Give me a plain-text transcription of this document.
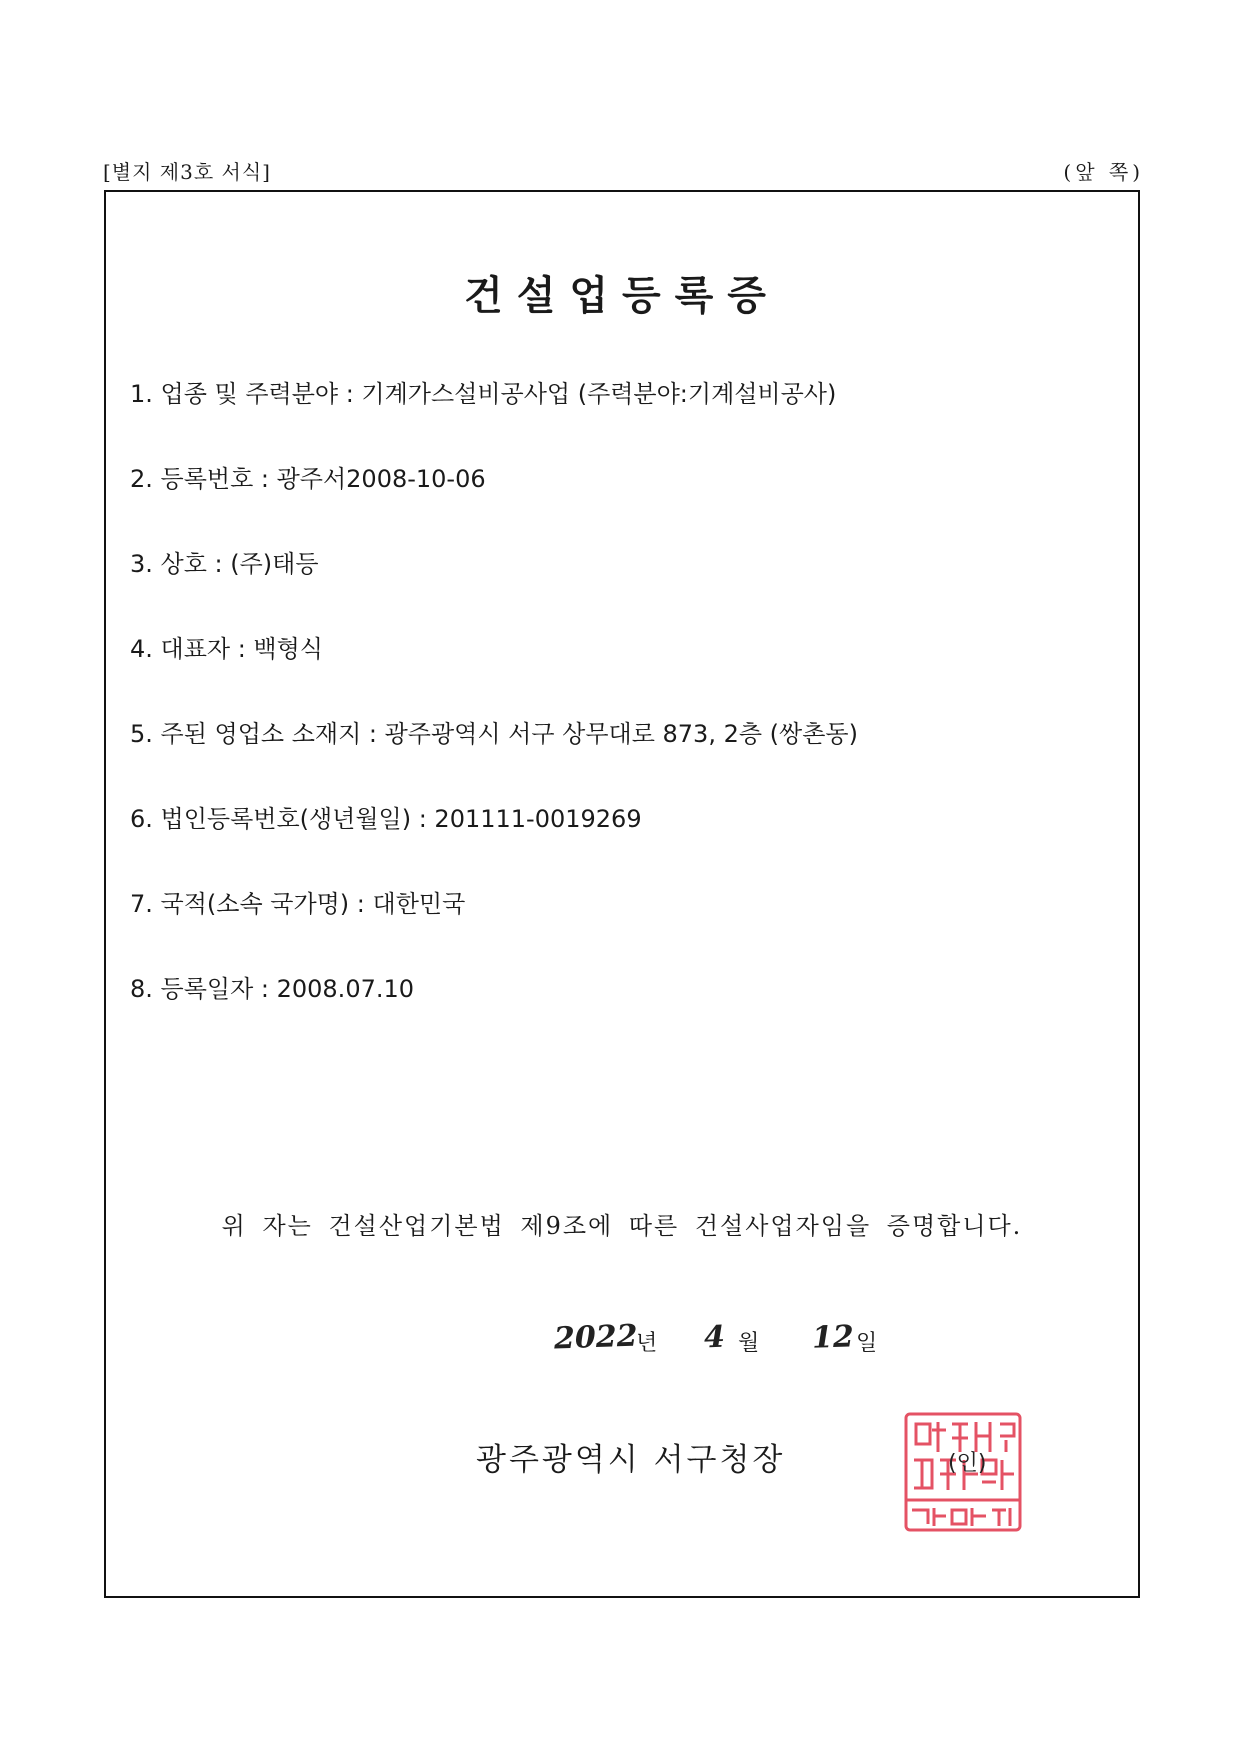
[별지 제3호 서식]	(앞 쪽)
건설업등록증
1. 업종 및 주력분야 : 기계가스설비공사업 (주력분야:기계설비공사)
2. 등록번호 : 광주서2008-10-06
3. 상호 : (주)태등
4. 대표자 : 백형식
5. 주된 영업소 소재지 : 광주광역시 서구 상무대로 873, 2층 (쌍촌동)
6. 법인등록번호(생년월일) : 201111-0019269
7. 국적(소속 국가명) : 대한민국
8. 등록일자 : 2008.07.10
위 자는 건설산업기본법 제9조에 따른 건설사업자임을 증명합니다.
2022
년 4 월 12 일
광주광역시 서구청장	(인)
